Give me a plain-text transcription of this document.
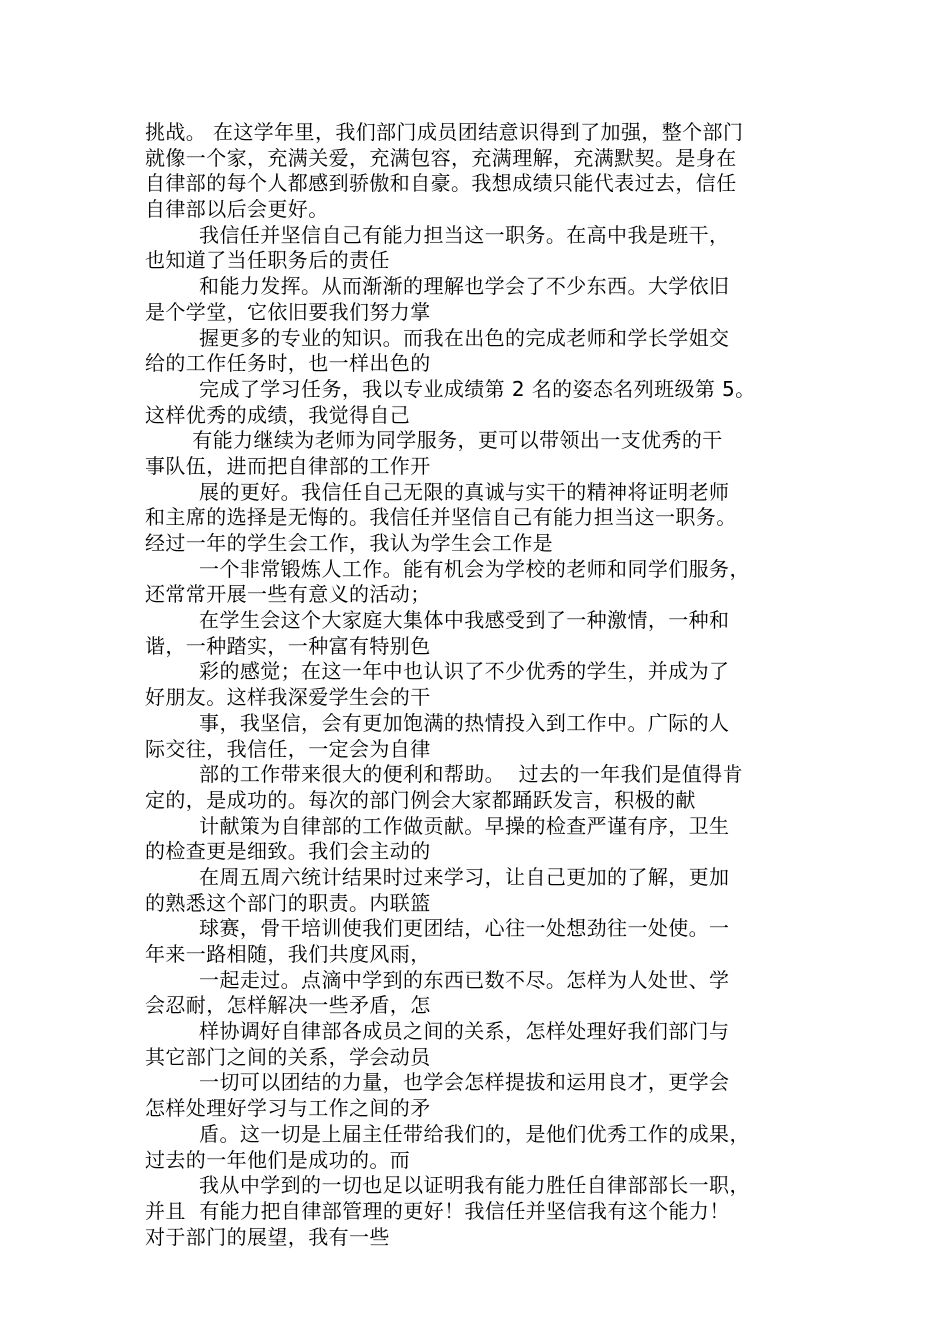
挑战。 在这学年里，我们部门成员团结意识得到了加强，整个部门
就像一个家，充满关爱，充满包容，充满理解，充满默契。是身在
自律部的每个人都感到骄傲和自豪。我想成绩只能代表过去，信任
自律部以后会更好。
我信任并坚信自己有能力担当这一职务。在高中我是班干，
也知道了当任职务后的责任
和能力发挥。从而渐渐的理解也学会了不少东西。大学依旧
是个学堂，它依旧要我们努力掌
握更多的专业的知识。而我在出色的完成老师和学长学姐交
给的工作任务时，也一样出色的
完成了学习任务，我以专业成绩第 2 名的姿态名列班级第 5。
这样优秀的成绩，我觉得自己
有能力继续为老师为同学服务，更可以带领出一支优秀的干
事队伍，进而把自律部的工作开
展的更好。我信任自己无限的真诚与实干的精神将证明老师
和主席的选择是无悔的。我信任并坚信自己有能力担当这一职务。
经过一年的学生会工作，我认为学生会工作是
一个非常锻炼人工作。能有机会为学校的老师和同学们服务，
还常常开展一些有意义的活动；
在学生会这个大家庭大集体中我感受到了一种激情，一种和
谐，一种踏实，一种富有特别色
彩的感觉；在这一年中也认识了不少优秀的学生，并成为了
好朋友。这样我深爱学生会的干
事，我坚信，会有更加饱满的热情投入到工作中。广际的人
际交往，我信任，一定会为自律
部的工作带来很大的便利和帮助。  过去的一年我们是值得肯
定的，是成功的。每次的部门例会大家都踊跃发言，积极的献
计献策为自律部的工作做贡献。早操的检查严谨有序，卫生
的检查更是细致。我们会主动的
在周五周六统计结果时过来学习，让自己更加的了解，更加
的熟悉这个部门的职责。内联篮
球赛，骨干培训使我们更团结，心往一处想劲往一处使。一
年来一路相随，我们共度风雨，
一起走过。点滴中学到的东西已数不尽。怎样为人处世、学
会忍耐，怎样解决一些矛盾，怎
样协调好自律部各成员之间的关系，怎样处理好我们部门与
其它部门之间的关系，学会动员
一切可以团结的力量，也学会怎样提拔和运用良才，更学会
怎样处理好学习与工作之间的矛
盾。这一切是上届主任带给我们的，是他们优秀工作的成果，
过去的一年他们是成功的。而
我从中学到的一切也足以证明我有能力胜任自律部部长一职，
并且  有能力把自律部管理的更好！我信任并坚信我有这个能力！
对于部门的展望，我有一些
